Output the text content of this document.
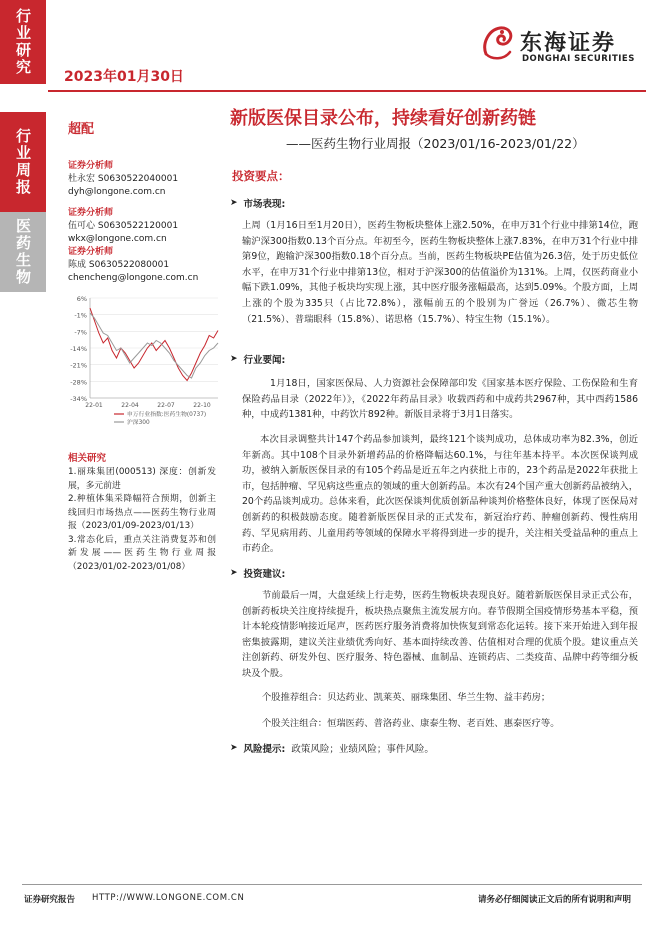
行业研究
行业周报
医药生物
东海证券
DONGHAI SECURITIES
2023年01月30日
超配
新版医保目录公布，持续看好创新药链
——医药生物行业周报（2023/01/16-2023/01/22）
证券分析师
杜永宏 S0630522040001
dyh@longone.com.cn
证券分析师
伍可心 S0630522120001
wkx@longone.com.cn
证券分析师
陈成 S0630522080001
chencheng@longone.com.cn
6%
-1%
-7%
-14%
-21%
-28%
-34%
22-01	22-04	22-07	22-10
申万行业指数:医药生物(0737)
沪深300
相关研究
1.丽珠集团(000513) 深度：创新发展，多元前进
2.种植体集采降幅符合预期，创新主线回归市场热点——医药生物行业周报（2023/01/09-2023/01/13）
3.常态化后，重点关注消费复苏和创新发展——医药生物行业周报（2023/01/02-2023/01/08）
投资要点：
➤ 市场表现:
上周（1月16日至1月20日），医药生物板块整体上涨2.50%，在申万31个行业中排第14位，跑输沪深300指数0.13个百分点。年初至今，医药生物板块整体上涨7.83%，在申万31个行业中排第9位，跑输沪深300指数0.18个百分点。当前，医药生物板块PE估值为26.3倍，处于历史低位水平，在申万31个行业中排第13位，相对于沪深300的估值溢价为131%。上周，仅医药商业小幅下跌1.09%，其他子板块均实现上涨，其中医疗服务涨幅最高，达到5.09%。个股方面，上周上涨的个股为335只（占比72.8%），涨幅前五的个股别为广誉远（26.7%）、微芯生物（21.5%）、普瑞眼科（15.8%）、诺思格（15.7%）、特宝生物（15.1%）。
➤ 行业要闻:
1月18日，国家医保局、人力资源社会保障部印发《国家基本医疗保险、工伤保险和生育保险药品目录（2022年）》，《2022年药品目录》收载西药和中成药共2967种，其中西药1586种，中成药1381种，中药饮片892种。新版目录将于3月1日落实。
本次目录调整共计147个药品参加谈判，最终121个谈判成功，总体成功率为82.3%，创近年新高。其中108个目录外新增药品的价格降幅达60.1%，与往年基本持平。本次医保谈判成功，被纳入新版医保目录的有105个药品是近五年之内获批上市的，23个药品是2022年获批上市，包括肿瘤、罕见病这些重点的领域的重大创新药品。本次有24个国产重大创新药品被纳入，20个药品谈判成功。总体来看，此次医保谈判优质创新品种谈判价格整体良好，体现了医保局对创新药的积极鼓励态度。随着新版医保目录的正式发布，新冠治疗药、肿瘤创新药、慢性病用药、罕见病用药、儿童用药等领域的保障水平将得到进一步的提升，关注相关受益品种的重点上市药企。
➤ 投资建议:
节前最后一周，大盘延续上行走势，医药生物板块表现良好。随着新版医保目录正式公布，创新药板块关注度持续提升，板块热点聚焦主流发展方向。春节假期全国疫情形势基本平稳，预计本轮疫情影响接近尾声，医药医疗服务消费将加快恢复到常态化运转。接下来开始进入到年报密集披露期，建议关注业绩优秀向好、基本面持续改善、估值相对合理的优质个股。建议重点关注创新药、研发外包、医疗服务、特色器械、血制品、连锁药店、二类疫苗、品牌中药等细分板块及个股。
个股推荐组合：贝达药业、凯莱英、丽珠集团、华兰生物、益丰药房；
个股关注组合：恒瑞医药、普洛药业、康泰生物、老百姓、惠泰医疗等。
➤ 风险提示: 政策风险；业绩风险；事件风险。
证券研究报告 HTTP://WWW.LONGONE.COM.CN	请务必仔细阅读正文后的所有说明和声明
